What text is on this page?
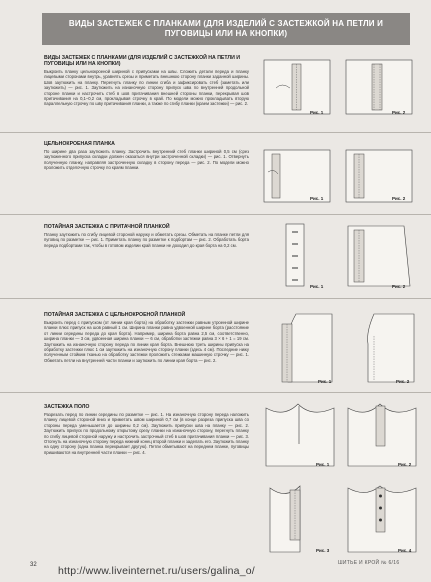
ВИДЫ ЗАСТЕЖЕК С ПЛАНКАМИ (ДЛЯ ИЗДЕЛИЙ С ЗАСТЕЖКОЙ НА ПЕТЛИ И ПУГОВИЦЫ ИЛИ НА КНОПКИ)
ВИДЫ ЗАСТЕЖЕК С ПЛАНКАМИ (ДЛЯ ИЗДЕЛИЙ С ЗАСТЕЖКОЙ НА ПЕТЛИ И ПУГОВИЦЫ ИЛИ НА КНОПКИ)

Выкроить планку цельнокроеной шириной с припусками на швы. Сложить детали переда и планку лицевыми сторонами внутрь, уравнять срезы и приметать внешнюю сторону планки заданной ширины. Шов заутюжить на планку. Перегнуть планку по линии сгиба и зафиксировать стеб (заметать или заутюжить) — рис. 1. Заутюжить на изнаночную сторону припуск шва по внутренней продольной стороне планки и настрочить стеб в шов притачивания внешней стороны планки, перекрывая шов притачивания на 0,1–0,2 см, прокладывая строчку в край. По модели можно прокладывать вторую параллельную строчку по шву притачивания планки, а также по сгибу планки (краем застежки) — рис. 2.

Рис. 1	Рис. 2
ЦЕЛЬНОКРОЕНАЯ ПЛАНКА

По ширине два раза заутюжить планку. Застрочить внутренний стеб планки шириной 0,5 см (срез заутюженного припуска складки должен оказаться внутри застроченной складки) — рис. 1. Отвернуть полученную планку, направляя застроченную складку в сторону переда — рис. 2. По модели можно проложить отделочную строчку по краям планки.

Рис. 1	Рис. 2
ПОТАЙНАЯ ЗАСТЕЖКА С ПРИТАЧНОЙ ПЛАНКОЙ

Планку заутюжить по сгибу лицевой стороной наружу и обметать срезы. Обметать на планке петли для пуговиц по разметке — рис. 1. Приметать планку по разметке к подбортам — рис. 2. Обработать борта переда подбортами так, чтобы в готовом изделии край планки не доходил до края борта на 0,2 см.

Рис. 1	Рис. 2
ПОТАЙНАЯ ЗАСТЕЖКА С ЦЕЛЬНОКРОЕНОЙ ПЛАНКОЙ

Выкроить перед с припуском (от линии края борта) на обработку застежки равным утроенной ширине планки плюс припуск на шов равный 1 см. Ширина планки равна удвоенной ширине борта (расстояние от линии середины переда до края борта). Например, ширина борта равна 2,5 см, соответственно, ширина планки — 3 см, удвоенная ширина планки — 6 см, обработки застежки равна 3 × 6 + 1 = 19 см. Заутюжить на изнаночную сторону переда по линии края борта. Внешнюю треть ширины припуска на обработку застежки плюс 1 см заутюжить на изнаночную сторону планки (здесь 4 см). Последние нижу полученным стойким тканью на обработку застежки проложить стежками машинную строчку — рис. 1. Обметать петли на внутренней части планки и заутюжить по линии края борта — рис. 2.

Рис. 1	Рис. 2
ЗАСТЕЖКА ПОЛО

Разрезать перед по линии середины по разметке — рис. 1. На изнаночную сторону переда наложить планку лицевой стороной вниз и приметать швом шириной 0,7 см (в конце разреза припуска шва со стороны переда уменьшается до ширины 0,2 см). Заутюжить припуски шва на планку — рис. 2. Заутюжить припуск по продольному открытому срезу планки на изнаночную сторону, перегнуть планку по сгибу лицевой стороной наружу и настрочить застрочный стеб в шов притачивания планки — рис. 3. Отогнуть на изнаночную сторону переда нижний конец второй планки и заделать его. Заутюжить планку на одну сторону (одна планка перекрывает другую). Петли обметывают на переднем планке, пуговицы пришиваются на внутренней части планки — рис. 4.

Рис. 1	Рис. 2
Рис. 3	Рис. 4
32	ШИТЬЕ И КРОЙ № 6/16
http://www.liveinternet.ru/users/galina_o/
